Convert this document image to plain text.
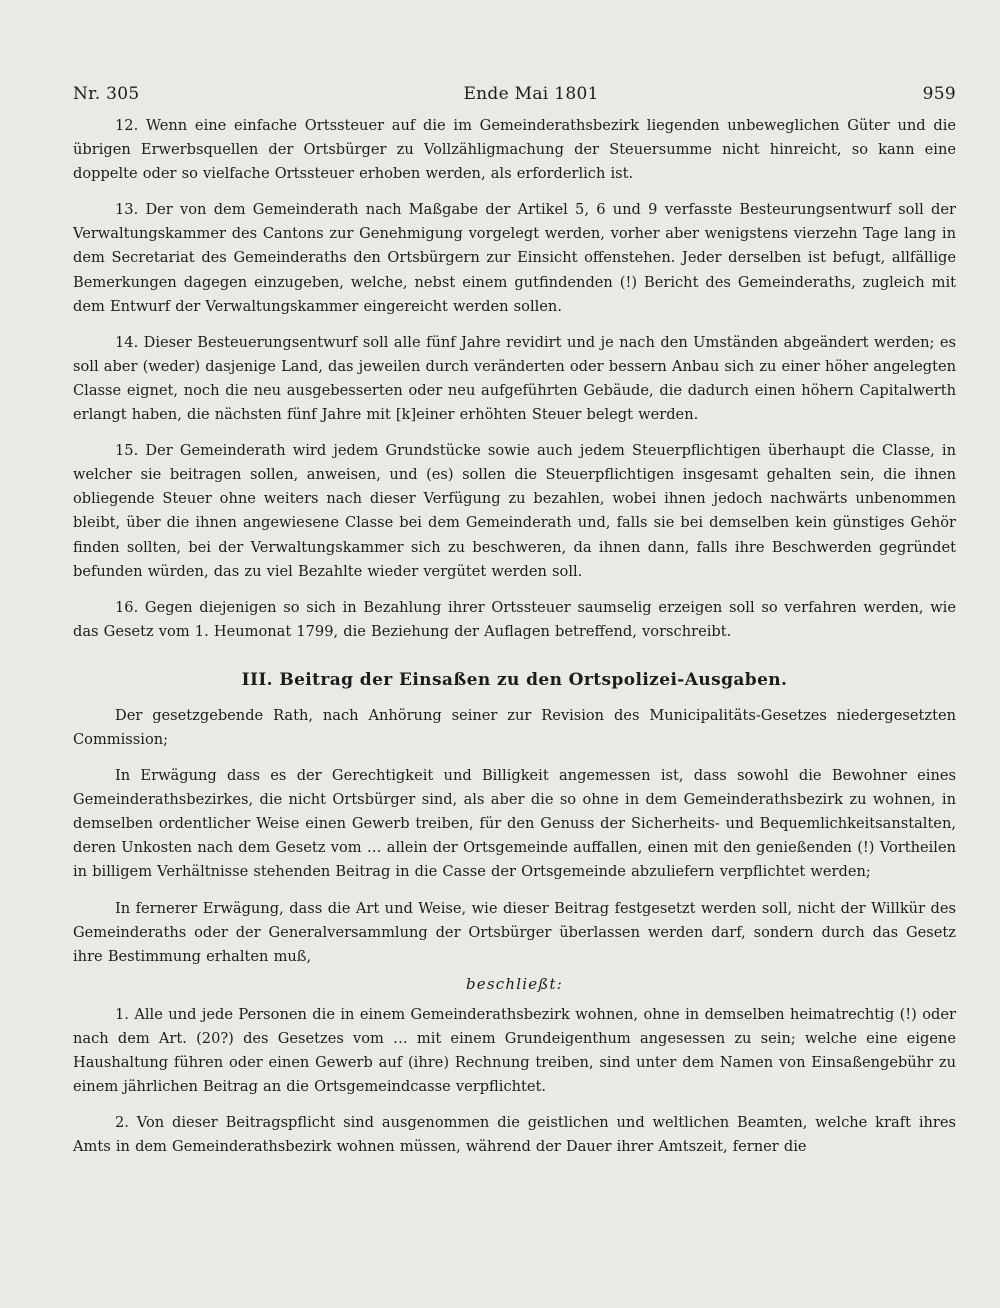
Nr. 305	Ende Mai 1801	959

12. Wenn eine einfache Ortssteuer auf die im Gemeinderathsbezirk liegenden unbeweglichen Güter und die übrigen Erwerbsquellen der Ortsbürger zu Vollzähligmachung der Steuersumme nicht hinreicht, so kann eine doppelte oder so vielfache Ortssteuer erhoben werden, als erforderlich ist.

13. Der von dem Gemeinderath nach Maßgabe der Artikel 5, 6 und 9 verfasste Besteurungsentwurf soll der Verwaltungskammer des Cantons zur Genehmigung vorgelegt werden, vorher aber wenigstens vierzehn Tage lang in dem Secretariat des Gemeinderaths den Ortsbürgern zur Einsicht offenstehen. Jeder derselben ist befugt, allfällige Bemerkungen dagegen einzugeben, welche, nebst einem gutfindenden (!) Bericht des Gemeinderaths, zugleich mit dem Entwurf der Verwaltungskammer eingereicht werden sollen.

14. Dieser Besteuerungsentwurf soll alle fünf Jahre revidirt und je nach den Umständen abgeändert werden; es soll aber (weder) dasjenige Land, das jeweilen durch veränderten oder bessern Anbau sich zu einer höher angelegten Classe eignet, noch die neu ausgebesserten oder neu aufgeführten Gebäude, die dadurch einen höhern Capitalwerth erlangt haben, die nächsten fünf Jahre mit [k]einer erhöhten Steuer belegt werden.

15. Der Gemeinderath wird jedem Grundstücke sowie auch jedem Steuerpflichtigen überhaupt die Classe, in welcher sie beitragen sollen, anweisen, und (es) sollen die Steuerpflichtigen insgesamt gehalten sein, die ihnen obliegende Steuer ohne weiters nach dieser Verfügung zu bezahlen, wobei ihnen jedoch nachwärts unbenommen bleibt, über die ihnen angewiesene Classe bei dem Gemeinderath und, falls sie bei demselben kein günstiges Gehör finden sollten, bei der Verwaltungskammer sich zu beschweren, da ihnen dann, falls ihre Beschwerden gegründet befunden würden, das zu viel Bezahlte wieder vergütet werden soll.

16. Gegen diejenigen so sich in Bezahlung ihrer Ortssteuer saumselig erzeigen soll so verfahren werden, wie das Gesetz vom 1. Heumonat 1799, die Beziehung der Auflagen betreffend, vorschreibt.

III. Beitrag der Einsaßen zu den Ortspolizei-Ausgaben.

Der gesetzgebende Rath, nach Anhörung seiner zur Revision des Municipalitäts-Gesetzes niedergesetzten Commission;

In Erwägung dass es der Gerechtigkeit und Billigkeit angemessen ist, dass sowohl die Bewohner eines Gemeinderathsbezirkes, die nicht Ortsbürger sind, als aber die so ohne in dem Gemeinderathsbezirk zu wohnen, in demselben ordentlicher Weise einen Gewerb treiben, für den Genuss der Sicherheits- und Bequemlichkeitsanstalten, deren Unkosten nach dem Gesetz vom … allein der Ortsgemeinde auffallen, einen mit den genießenden (!) Vortheilen in billigem Verhältnisse stehenden Beitrag in die Casse der Ortsgemeinde abzuliefern verpflichtet werden;

In fernerer Erwägung, dass die Art und Weise, wie dieser Beitrag festgesetzt werden soll, nicht der Willkür des Gemeinderaths oder der Generalversammlung der Ortsbürger überlassen werden darf, sondern durch das Gesetz ihre Bestimmung erhalten muß,

beschließt:

1. Alle und jede Personen die in einem Gemeinderathsbezirk wohnen, ohne in demselben heimatrechtig (!) oder nach dem Art. (20?) des Gesetzes vom … mit einem Grundeigenthum angesessen zu sein; welche eine eigene Haushaltung führen oder einen Gewerb auf (ihre) Rechnung treiben, sind unter dem Namen von Einsaßengebühr zu einem jährlichen Beitrag an die Ortsgemeindcasse verpflichtet.

2. Von dieser Beitragspflicht sind ausgenommen die geistlichen und weltlichen Beamten, welche kraft ihres Amts in dem Gemeinderathsbezirk wohnen müssen, während der Dauer ihrer Amtszeit, ferner die
